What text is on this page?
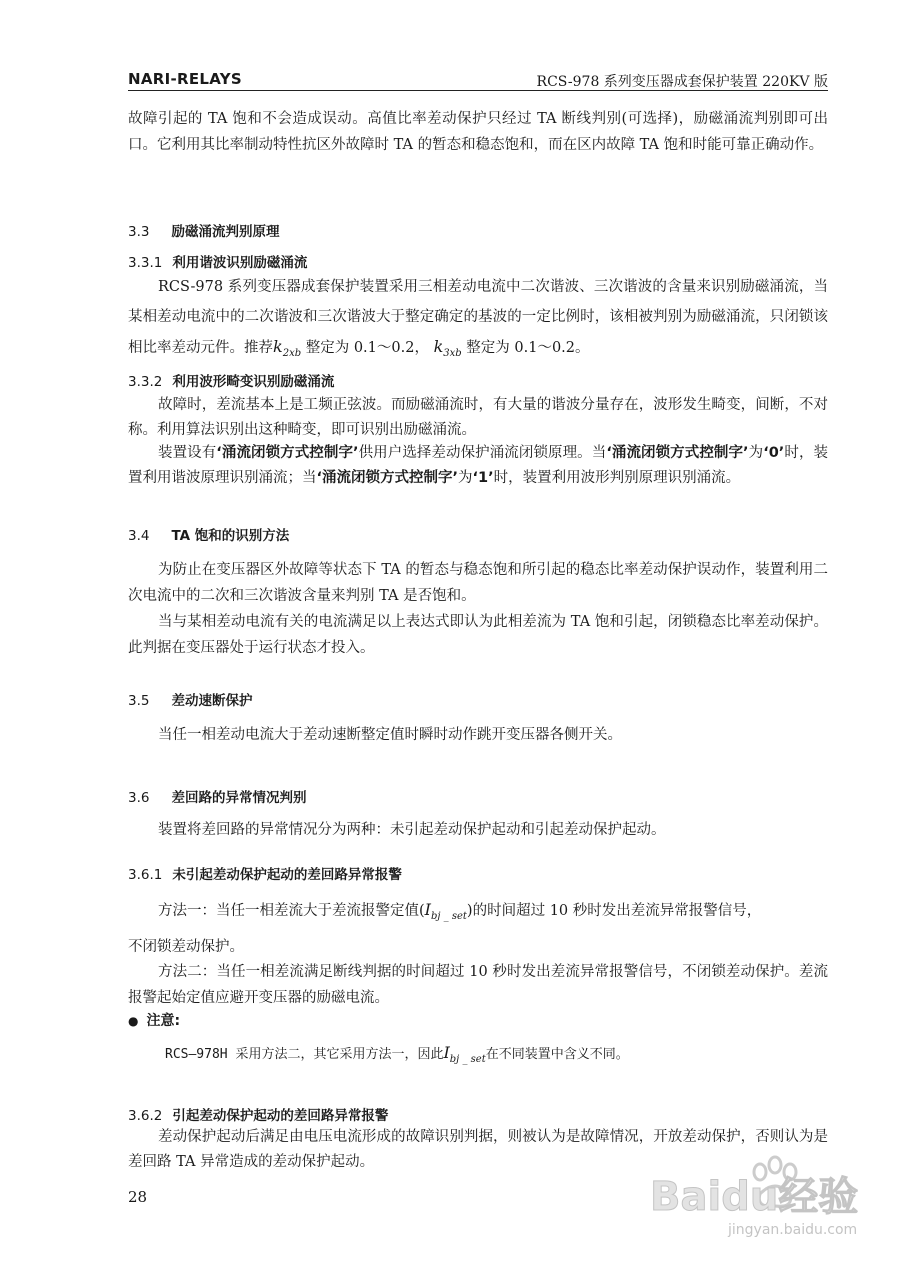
NARI-RELAYS	RCS-978 系列变压器成套保护装置 220KV 版

故障引起的 TA 饱和不会造成误动。高值比率差动保护只经过 TA 断线判别(可选择)，励磁涌流判别即可出口。它利用其比率制动特性抗区外故障时 TA 的暂态和稳态饱和，而在区内故障 TA 饱和时能可靠正确动作。

3.3 励磁涌流判别原理
3.3.1 利用谐波识别励磁涌流

RCS-978 系列变压器成套保护装置采用三相差动电流中二次谐波、三次谐波的含量来识别励磁涌流，当某相差动电流中的二次谐波和三次谐波大于整定确定的基波的一定比例时，该相被判别为励磁涌流，只闭锁该相比率差动元件。推荐$k_{2xb}$ 整定为 0.1～0.2， $k_{3xb}$ 整定为 0.1～0.2。

3.3.2 利用波形畸变识别励磁涌流

故障时，差流基本上是工频正弦波。而励磁涌流时，有大量的谐波分量存在，波形发生畸变，间断，不对称。利用算法识别出这种畸变，即可识别出励磁涌流。

装置设有‘涌流闭锁方式控制字’供用户选择差动保护涌流闭锁原理。当‘涌流闭锁方式控制字’为‘0’时，装置利用谐波原理识别涌流；当‘涌流闭锁方式控制字’为‘1’时，装置利用波形判别原理识别涌流。

3.4 TA 饱和的识别方法

为防止在变压器区外故障等状态下 TA 的暂态与稳态饱和所引起的稳态比率差动保护误动作，装置利用二次电流中的二次和三次谐波含量来判别 TA 是否饱和。

当与某相差动电流有关的电流满足以上表达式即认为此相差流为 TA 饱和引起，闭锁稳态比率差动保护。此判据在变压器处于运行状态才投入。

3.5 差动速断保护

当任一相差动电流大于差动速断整定值时瞬时动作跳开变压器各侧开关。

3.6 差回路的异常情况判别

装置将差回路的异常情况分为两种：未引起差动保护起动和引起差动保护起动。

3.6.1 未引起差动保护起动的差回路异常报警

方法一：当任一相差流大于差流报警定值$(I_{bj \_ set})$的时间超过 10 秒时发出差流异常报警信号，

不闭锁差动保护。

方法二：当任一相差流满足断线判据的时间超过 10 秒时发出差流异常报警信号，不闭锁差动保护。差流报警起始定值应避开变压器的励磁电流。

● 注意:
RCS—978H 采用方法二，其它采用方法一，因此$I_{bj \_ set}$在不同装置中含义不同。
3.6.2 引起差动保护起动的差回路异常报警

差动保护起动后满足由电压电流形成的故障识别判据，则被认为是故障情况，开放差动保护，否则认为是差回路 TA 异常造成的差动保护起动。

28	Baidu经验
jingyan.baidu.com
